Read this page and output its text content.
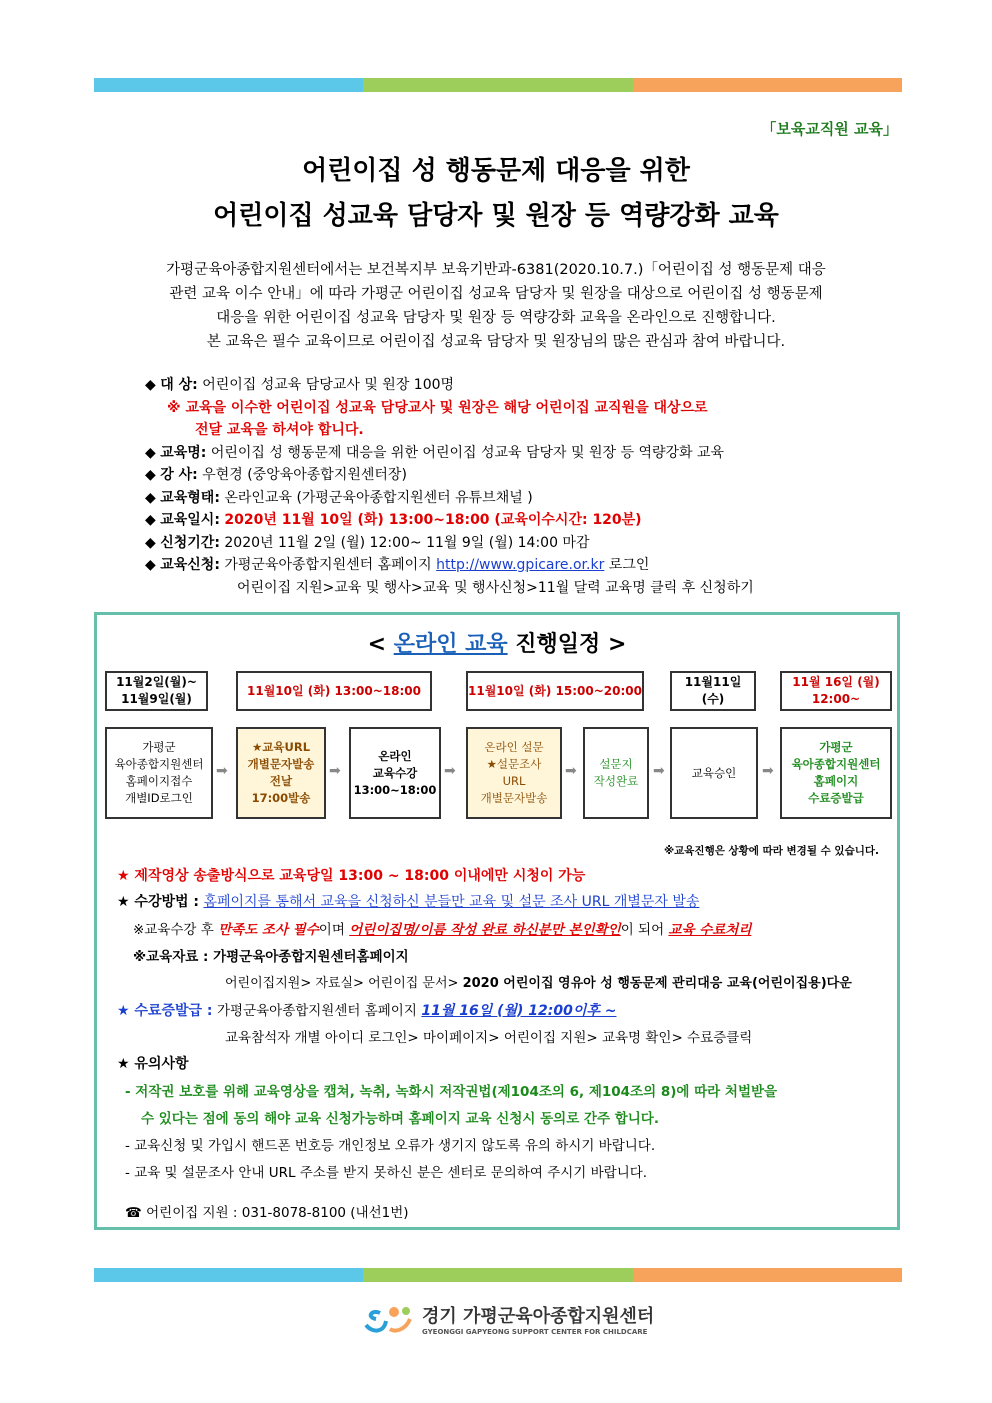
「보육교직원 교육」
어린이집 성 행동문제 대응을 위한
어린이집 성교육 담당자 및 원장 등 역량강화 교육
가평군육아종합지원센터에서는 보건복지부 보육기반과-6381(2020.10.7.)「어린이집 성 행동문제 대응
관련 교육 이수 안내」에 따라 가평군 어린이집 성교육 담당자 및 원장을 대상으로 어린이집 성 행동문제
대응을 위한 어린이집 성교육 담당자 및 원장 등 역량강화 교육을 온라인으로 진행합니다.
본 교육은 필수 교육이므로 어린이집 성교육 담당자 및 원장님의 많은 관심과 참여 바랍니다.
◆ 대 상: 어린이집 성교육 담당교사 및 원장 100명
※ 교육을 이수한 어린이집 성교육 담당교사 및 원장은 해당 어린이집 교직원을 대상으로
전달 교육을 하셔야 합니다.
◆ 교육명: 어린이집 성 행동문제 대응을 위한 어린이집 성교육 담당자 및 원장 등 역량강화 교육
◆ 강 사: 우현경 (중앙육아종합지원센터장)
◆ 교육형태: 온라인교육 (가평군육아종합지원센터 유튜브채널 )
◆ 교육일시: 2020년 11월 10일 (화) 13:00~18:00 (교육이수시간: 120분)
◆ 신청기간: 2020년 11월 2일 (월) 12:00~ 11월 9일 (월) 14:00 마감
◆ 교육신청: 가평군육아종합지원센터 홈페이지 http://www.gpicare.or.kr 로그인
어린이집 지원>교육 및 행사>교육 및 행사신청>11월 달력 교육명 클릭 후 신청하기
< 온라인 교육 진행일정 >
11월2일(월)~
11월9일(월)
11월10일 (화) 13:00~18:00	11월10일 (화) 15:00~20:00
11월11일
(수)
11월 16일 (월)
12:00~
가평군
육아종합지원센터
홈페이지접수
개별ID로그인
➡
★교육URL
개별문자발송
전날
17:00발송
➡
온라인
교육수강
13:00~18:00
➡
온라인 설문
★설문조사
URL
개별문자발송
➡	설문지
작성완료
➡ 교육승인 ➡
가평군
육아종합지원센터
홈페이지
수료증발급
※교육진행은 상황에 따라 변경될 수 있습니다.
★ 제작영상 송출방식으로 교육당일 13:00 ~ 18:00 이내에만 시청이 가능
★ 수강방법 : 홈페이지를 통해서 교육을 신청하신 분들만 교육 및 설문 조사 URL 개별문자 발송
※교육수강 후 만족도 조사 필수이며 어린이집명/이름 작성 완료 하신분만 본인확인이 되어 교육 수료처리
※교육자료 : 가평군육아종합지원센터홈페이지
어린이집지원> 자료실> 어린이집 문서> 2020 어린이집 영유아 성 행동문제 관리대응 교육(어린이집용)다운
★ 수료증발급 : 가평군육아종합지원센터 홈페이지 11월 16일 (월) 12:00이후 ~
교육참석자 개별 아이디 로그인> 마이페이지> 어린이집 지원> 교육명 확인> 수료증클릭
★ 유의사항
- 저작권 보호를 위해 교육영상을 캡쳐, 녹취, 녹화시 저작권법(제104조의 6, 제104조의 8)에 따라 처벌받을
수 있다는 점에 동의 해야 교육 신청가능하며 홈페이지 교육 신청시 동의로 간주 합니다.
- 교육신청 및 가입시 핸드폰 번호등 개인정보 오류가 생기지 않도록 유의 하시기 바랍니다.
- 교육 및 설문조사 안내 URL 주소를 받지 못하신 분은 센터로 문의하여 주시기 바랍니다.
☎ 어린이집 지원 : 031-8078-8100 (내선1번)
경기 가평군육아종합지원센터
GYEONGGI GAPYEONG SUPPORT CENTER FOR CHILDCARE
